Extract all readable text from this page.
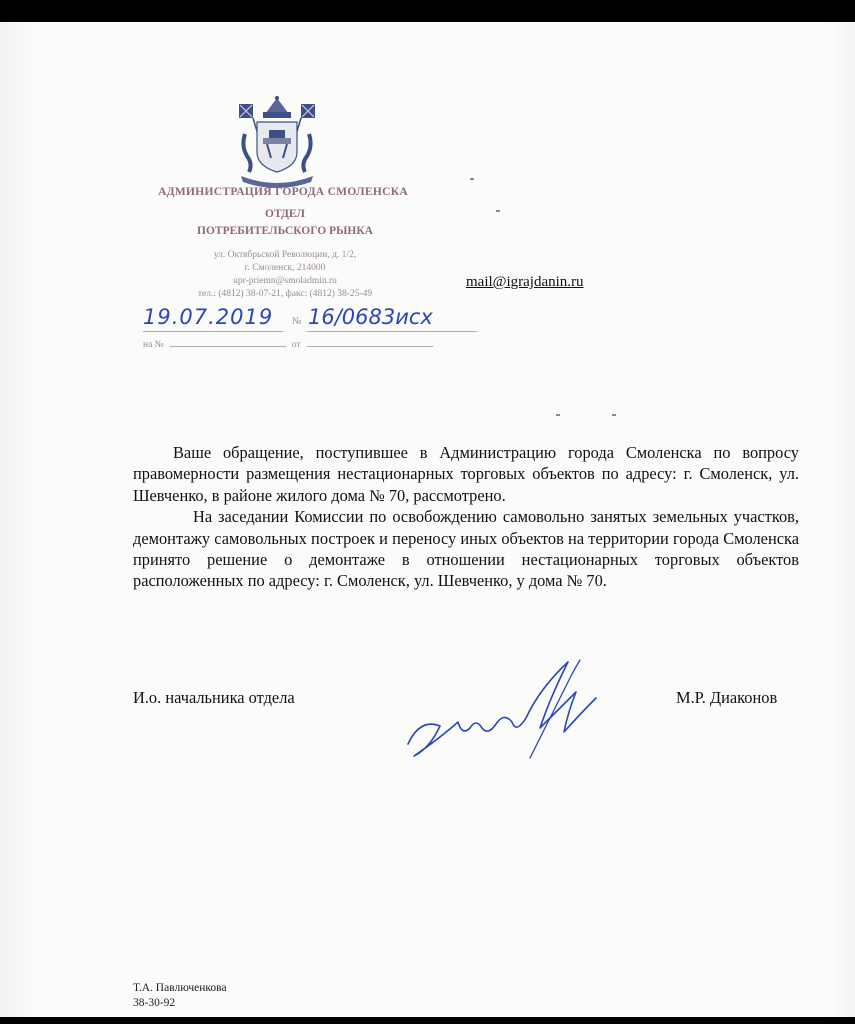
АДМИНИСТРАЦИЯ ГОРОДА СМОЛЕНСКА
ОТДЕЛ
ПОТРЕБИТЕЛЬСКОГО РЫНКА
ул. Октябрьской Революции, д. 1/2,
г. Смоленск, 214000
upr-priemn@smoladmin.ru
тел.: (4812) 38-07-21, факс: (4812) 38-25-49
19.07.2019	№ 16/0683исх
на №	от
mail@igrajdanin.ru

Ваше обращение, поступившее в Администрацию города Смоленска по вопросу правомерности размещения нестационарных торговых объектов по адресу: г. Смоленск, ул. Шевченко, в районе жилого дома № 70, рассмотрено.

На заседании Комиссии по освобождению самовольно занятых земельных участков, демонтажу самовольных построек и переносу иных объектов на территории города Смоленска принято решение о демонтаже в отношении нестационарных торговых объектов расположенных по адресу: г. Смоленск, ул. Шевченко, у дома № 70.

И.о. начальника отдела	М.Р. Диаконов
Т.А. Павлюченкова
38-30-92
